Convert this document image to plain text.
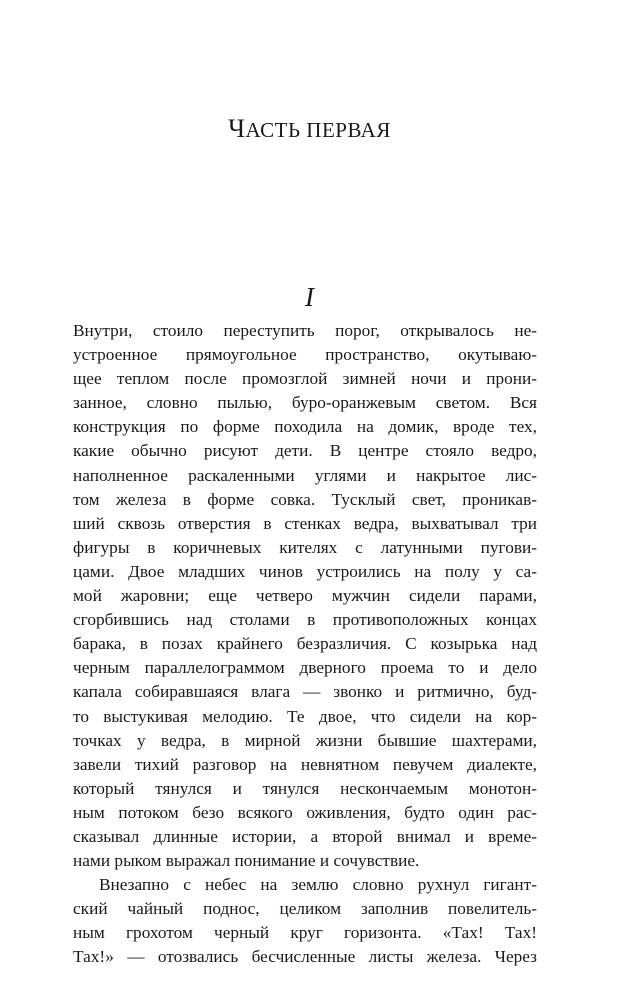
ЧАСТЬ ПЕРВАЯ
I
Внутри, стоило переступить порог, открывалось не-
устроенное прямоугольное пространство, окутываю-
щее теплом после промозглой зимней ночи и прони-
занное, словно пылью, буро-оранжевым светом. Вся
конструкция по форме походила на домик, вроде тех,
какие обычно рисуют дети. В центре стояло ведро,
наполненное раскаленными углями и накрытое лис-
том железа в форме совка. Тусклый свет, проникав-
ший сквозь отверстия в стенках ведра, выхватывал три
фигуры в коричневых кителях с латунными пугови-
цами. Двое младших чинов устроились на полу у са-
мой жаровни; еще четверо мужчин сидели парами,
сгорбившись над столами в противоположных концах
барака, в позах крайнего безразличия. С козырька над
черным параллелограммом дверного проема то и дело
капала собиравшаяся влага — звонко и ритмично, буд-
то выстукивая мелодию. Те двое, что сидели на кор-
точках у ведра, в мирной жизни бывшие шахтерами,
завели тихий разговор на невнятном певучем диалекте,
который тянулся и тянулся нескончаемым монотон-
ным потоком безо всякого оживления, будто один рас-
сказывал длинные истории, а второй внимал и време-
нами рыком выражал понимание и сочувствие.
Внезапно с небес на землю словно рухнул гигант-
ский чайный поднос, целиком заполнив повелитель-
ным грохотом черный круг горизонта. «Тах! Тах!
Тах!» — отозвались бесчисленные листы железа. Через
